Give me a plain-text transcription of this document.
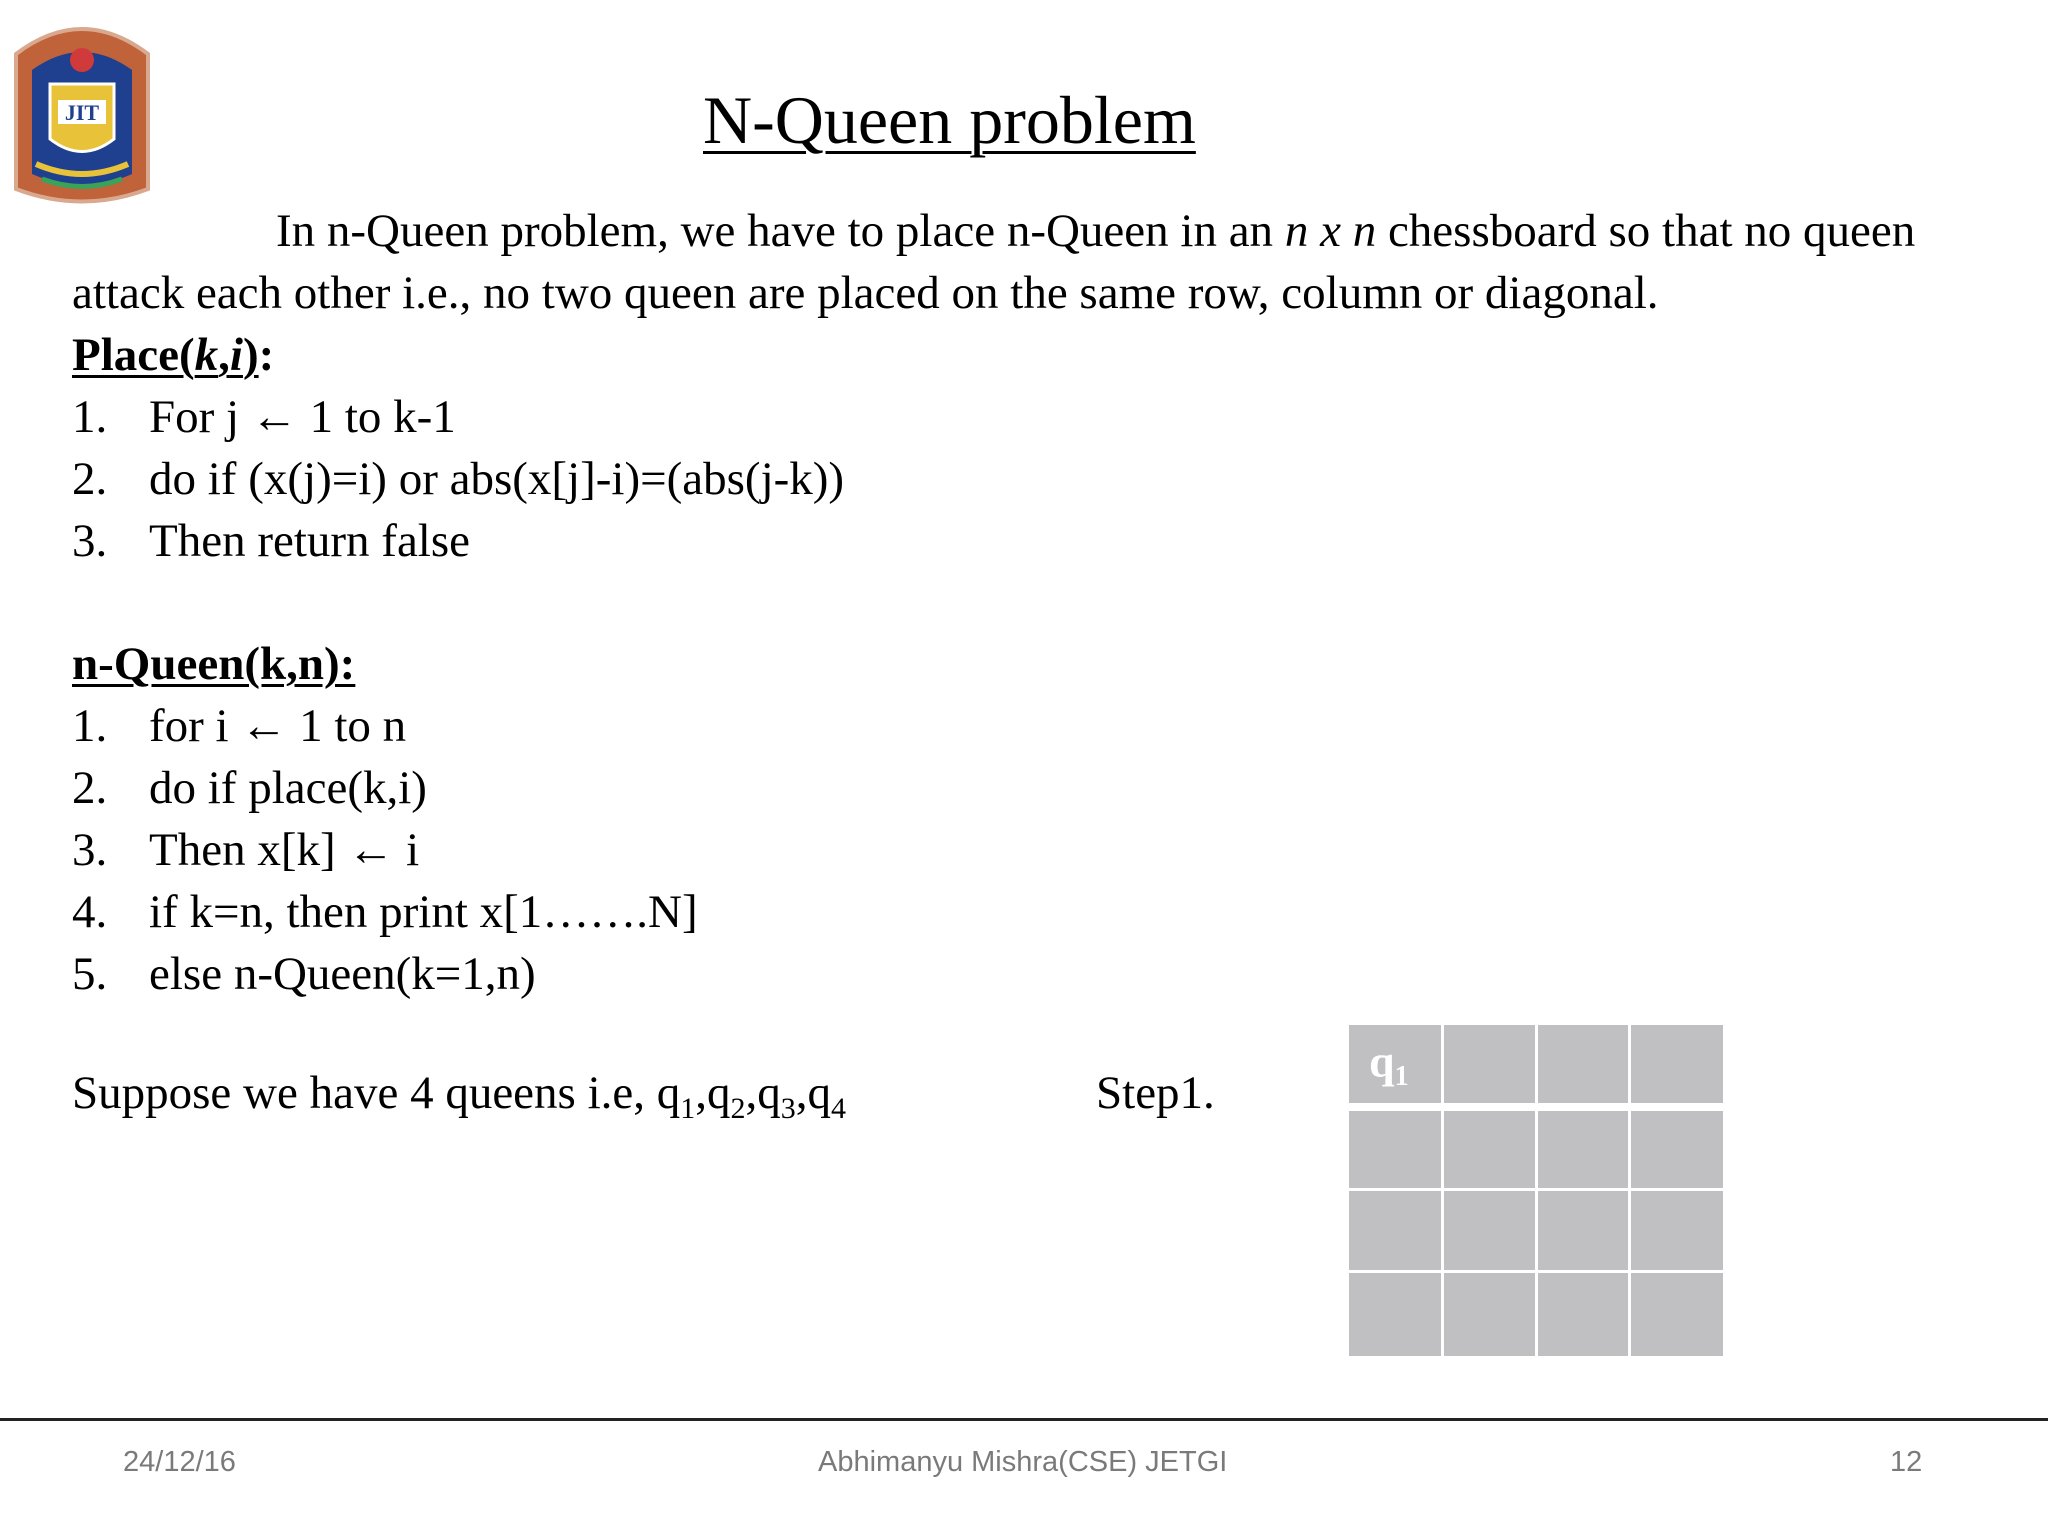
JIT	N-Queen problem
In n-Queen problem, we have to place n-Queen in an n x n chessboard so that no queen attack each other i.e., no two queen are placed on the same row, column or diagonal.
Place(k,i):
1. For j ← 1 to k-1
2. do if (x(j)=i) or abs(x[j]-i)=(abs(j-k))
3. Then return false
n-Queen(k,n):
1. for i ← 1 to n
2. do if place(k,i)
3. Then x[k] ← i
4. if k=n, then print x[1…….N]
5. else n-Queen(k=1,n)
Suppose we have 4 queens i.e, $q_1,q_2,q_3,q_4$	Step1.
$q_1$
24/12/16	Abhimanyu Mishra(CSE) JETGI	12
